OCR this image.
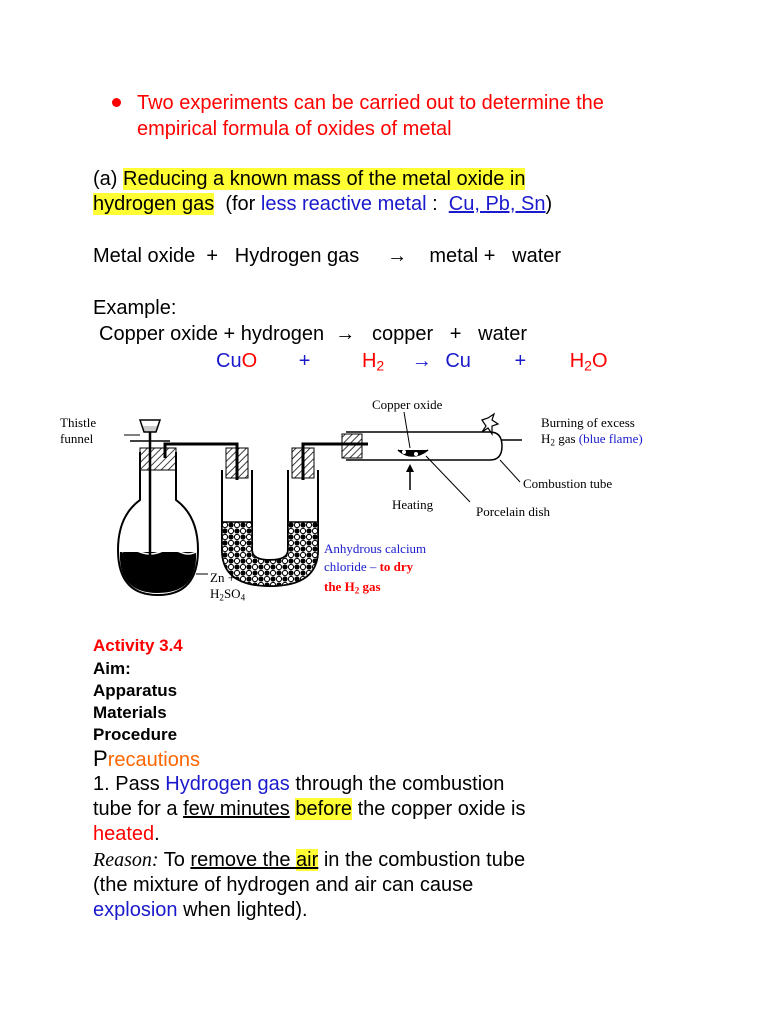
Two experiments can be carried out to determine the empirical formula of oxides of metal
(a) Reducing a known mass of the metal oxide in
hydrogen gas (for less reactive metal : Cu, Pb, Sn)
Metal oxide + Hydrogen gas → metal + water
Example:
Copper oxide + hydrogen → copper + water
CuO +	$H_2 \to Cu + H_2O$
Thistle
funnel
Copper oxide
Burning of excess
$H_2$ gas (blue flame)
Combustion tube
Heating	Porcelain dish
Anhydrous calcium
chloride – to dry
the $H_2$ gas
Zn +
$H_2SO_4$
Activity 3.4
Aim:
Apparatus
Materials
Procedure
Precautions
1. Pass Hydrogen gas through the combustion
tube for a few minutes before the copper oxide is
heated.
Reason: To remove the air in the combustion tube
(the mixture of hydrogen and air can cause
explosion when lighted).
